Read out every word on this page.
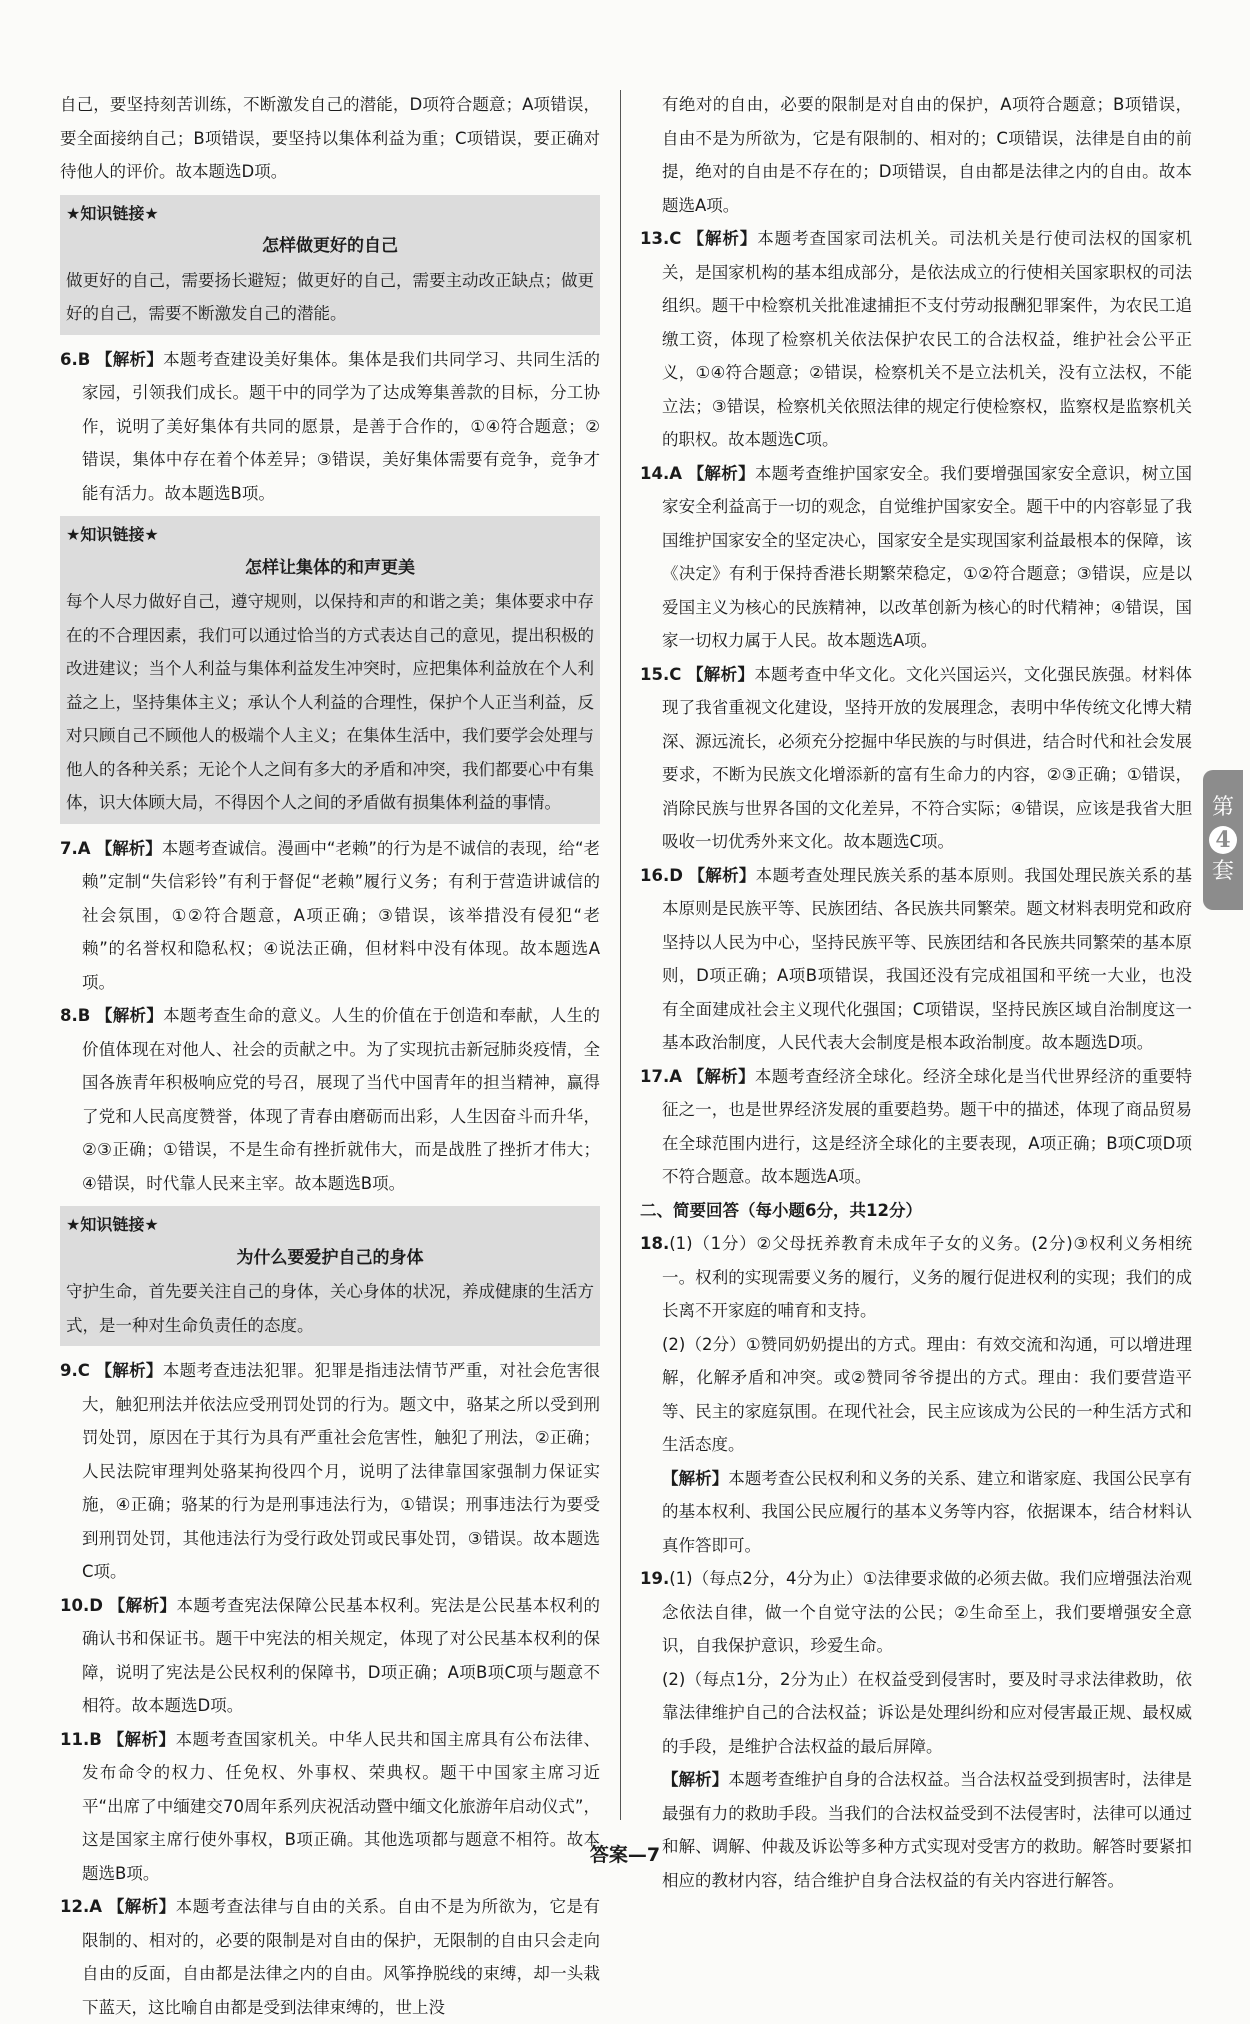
自己，要坚持刻苦训练，不断激发自己的潜能，D项符合题意；A项错误，要全面接纳自己；B项错误，要坚持以集体利益为重；C项错误，要正确对待他人的评价。故本题选D项。

★知识链接★
怎样做更好的自己

做更好的自己，需要扬长避短；做更好的自己，需要主动改正缺点；做更好的自己，需要不断激发自己的潜能。

6.B 【解析】本题考查建设美好集体。集体是我们共同学习、共同生活的家园，引领我们成长。题干中的同学为了达成筹集善款的目标，分工协作，说明了美好集体有共同的愿景，是善于合作的，①④符合题意；②错误，集体中存在着个体差异；③错误，美好集体需要有竞争，竞争才能有活力。故本题选B项。

★知识链接★
怎样让集体的和声更美

每个人尽力做好自己，遵守规则，以保持和声的和谐之美；集体要求中存在的不合理因素，我们可以通过恰当的方式表达自己的意见，提出积极的改进建议；当个人利益与集体利益发生冲突时，应把集体利益放在个人利益之上，坚持集体主义；承认个人利益的合理性，保护个人正当利益，反对只顾自己不顾他人的极端个人主义；在集体生活中，我们要学会处理与他人的各种关系；无论个人之间有多大的矛盾和冲突，我们都要心中有集体，识大体顾大局，不得因个人之间的矛盾做有损集体利益的事情。

7.A 【解析】本题考查诚信。漫画中“老赖”的行为是不诚信的表现，给“老赖”定制“失信彩铃”有利于督促“老赖”履行义务；有利于营造讲诚信的社会氛围，①②符合题意，A项正确；③错误，该举措没有侵犯“老赖”的名誉权和隐私权；④说法正确，但材料中没有体现。故本题选A项。

8.B 【解析】本题考查生命的意义。人生的价值在于创造和奉献，人生的价值体现在对他人、社会的贡献之中。为了实现抗击新冠肺炎疫情，全国各族青年积极响应党的号召，展现了当代中国青年的担当精神，赢得了党和人民高度赞誉，体现了青春由磨砺而出彩，人生因奋斗而升华，②③正确；①错误，不是生命有挫折就伟大，而是战胜了挫折才伟大；④错误，时代靠人民来主宰。故本题选B项。

★知识链接★
为什么要爱护自己的身体

守护生命，首先要关注自己的身体，关心身体的状况，养成健康的生活方式，是一种对生命负责任的态度。

9.C 【解析】本题考查违法犯罪。犯罪是指违法情节严重，对社会危害很大，触犯刑法并依法应受刑罚处罚的行为。题文中，骆某之所以受到刑罚处罚，原因在于其行为具有严重社会危害性，触犯了刑法，②正确；人民法院审理判处骆某拘役四个月，说明了法律靠国家强制力保证实施，④正确；骆某的行为是刑事违法行为，①错误；刑事违法行为要受到刑罚处罚，其他违法行为受行政处罚或民事处罚，③错误。故本题选C项。

10.D 【解析】本题考查宪法保障公民基本权利。宪法是公民基本权利的确认书和保证书。题干中宪法的相关规定，体现了对公民基本权利的保障，说明了宪法是公民权利的保障书，D项正确；A项B项C项与题意不相符。故本题选D项。

11.B 【解析】本题考查国家机关。中华人民共和国主席具有公布法律、发布命令的权力、任免权、外事权、荣典权。题干中国家主席习近平“出席了中缅建交70周年系列庆祝活动暨中缅文化旅游年启动仪式”，这是国家主席行使外事权，B项正确。其他选项都与题意不相符。故本题选B项。

12.A 【解析】本题考查法律与自由的关系。自由不是为所欲为，它是有限制的、相对的，必要的限制是对自由的保护，无限制的自由只会走向自由的反面，自由都是法律之内的自由。风筝挣脱线的束缚，却一头栽下蓝天，这比喻自由都是受到法律束缚的，世上没

有绝对的自由，必要的限制是对自由的保护，A项符合题意；B项错误，自由不是为所欲为，它是有限制的、相对的；C项错误，法律是自由的前提，绝对的自由是不存在的；D项错误，自由都是法律之内的自由。故本题选A项。

13.C 【解析】本题考查国家司法机关。司法机关是行使司法权的国家机关，是国家机构的基本组成部分，是依法成立的行使相关国家职权的司法组织。题干中检察机关批准逮捕拒不支付劳动报酬犯罪案件，为农民工追缴工资，体现了检察机关依法保护农民工的合法权益，维护社会公平正义，①④符合题意；②错误，检察机关不是立法机关，没有立法权，不能立法；③错误，检察机关依照法律的规定行使检察权，监察权是监察机关的职权。故本题选C项。

14.A 【解析】本题考查维护国家安全。我们要增强国家安全意识，树立国家安全利益高于一切的观念，自觉维护国家安全。题干中的内容彰显了我国维护国家安全的坚定决心，国家安全是实现国家利益最根本的保障，该《决定》有利于保持香港长期繁荣稳定，①②符合题意；③错误，应是以爱国主义为核心的民族精神，以改革创新为核心的时代精神；④错误，国家一切权力属于人民。故本题选A项。

15.C 【解析】本题考查中华文化。文化兴国运兴，文化强民族强。材料体现了我省重视文化建设，坚持开放的发展理念，表明中华传统文化博大精深、源远流长，必须充分挖掘中华民族的与时俱进，结合时代和社会发展要求，不断为民族文化增添新的富有生命力的内容，②③正确；①错误，消除民族与世界各国的文化差异，不符合实际；④错误，应该是我省大胆吸收一切优秀外来文化。故本题选C项。

16.D 【解析】本题考查处理民族关系的基本原则。我国处理民族关系的基本原则是民族平等、民族团结、各民族共同繁荣。题文材料表明党和政府坚持以人民为中心，坚持民族平等、民族团结和各民族共同繁荣的基本原则，D项正确；A项B项错误，我国还没有完成祖国和平统一大业，也没有全面建成社会主义现代化强国；C项错误，坚持民族区域自治制度这一基本政治制度，人民代表大会制度是根本政治制度。故本题选D项。

17.A 【解析】本题考查经济全球化。经济全球化是当代世界经济的重要特征之一，也是世界经济发展的重要趋势。题干中的描述，体现了商品贸易在全球范围内进行，这是经济全球化的主要表现，A项正确；B项C项D项不符合题意。故本题选A项。

二、简要回答（每小题6分，共12分）

18.(1)（1分）②父母抚养教育未成年子女的义务。(2分)③权利义务相统一。权利的实现需要义务的履行，义务的履行促进权利的实现；我们的成长离不开家庭的哺育和支持。

(2)（2分）①赞同奶奶提出的方式。理由：有效交流和沟通，可以增进理解，化解矛盾和冲突。或②赞同爷爷提出的方式。理由：我们要营造平等、民主的家庭氛围。在现代社会，民主应该成为公民的一种生活方式和生活态度。

【解析】本题考查公民权利和义务的关系、建立和谐家庭、我国公民享有的基本权利、我国公民应履行的基本义务等内容，依据课本，结合材料认真作答即可。

19.(1)（每点2分，4分为止）①法律要求做的必须去做。我们应增强法治观念依法自律，做一个自觉守法的公民；②生命至上，我们要增强安全意识，自我保护意识，珍爱生命。

(2)（每点1分，2分为止）在权益受到侵害时，要及时寻求法律救助，依靠法律维护自己的合法权益；诉讼是处理纠纷和应对侵害最正规、最权威的手段，是维护合法权益的最后屏障。

【解析】本题考查维护自身的合法权益。当合法权益受到损害时，法律是最强有力的救助手段。当我们的合法权益受到不法侵害时，法律可以通过和解、调解、仲裁及诉讼等多种方式实现对受害方的救助。解答时要紧扣相应的教材内容，结合维护自身合法权益的有关内容进行解答。

第
4
套
答案—7
